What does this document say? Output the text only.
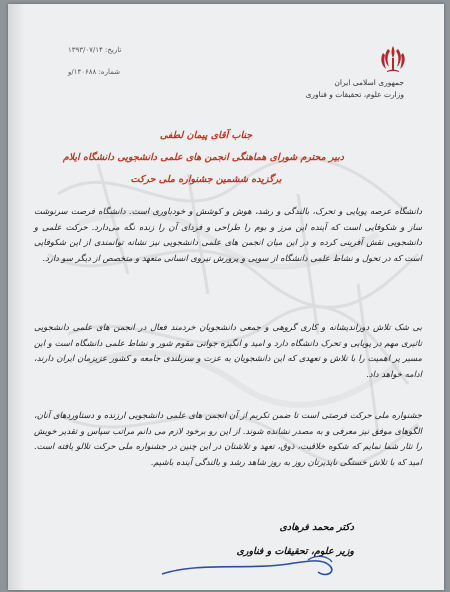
جمهوری اسلامی ایران
وزارت علوم، تحقیقات و فناوری
تاریخ: ۱۳۹۳/۰۷/۱۴
شماره: ۱۴۰۶۸۸/و
جناب آقای پیمان لطفی
دبیر محترم شورای هماهنگی انجمن های علمی دانشجویی دانشگاه ایلام
برگزیده ششمین جشنواره ملی حرکت
دانشگاه عرصه پویایی و تحرک، بالندگی و رشد، هوش و کوشش و خودباوری است. دانشگاه فرصت سرنوشت ساز و شکوفایی است که آینده این مرز و بوم را طراحی و فردای آن را زنده نگه می‌دارد. حرکت علمی و دانشجویی نقش آفرینی کرده و در این میان انجمن های علمی دانشجویی نیز نشانه توانمندی از این شکوفایی است که در تحول و نشاط علمی دانشگاه از سویی و پرورش نیروی انسانی متعهد و متخصص از دیگر سو دارد.
بی شک تلاش دوراندیشانه و کاری گروهی و جمعی دانشجویان خردمند فعال در انجمن های علمی دانشجویی تاثیری مهم در پویایی و تحرک دانشگاه دارد و امید و انگیزه جوانی مقوم شور و نشاط علمی دانشگاه است و این مسیر پر اهمیت را با تلاش و تعهدی که این دانشجویان به عزت و سربلندی جامعه و کشور عزیزمان ایران دارند، ادامه خواهد داد.
جشنواره ملی حرکت فرصتی است تا ضمن تکریم از آن انجمن های علمی دانشجویی ارزنده و دستاوردهای آنان، الگوهای موفق نیز معرفی و به مصدر نشانده شوند. از این رو برخود لازم می دانم مراتب سپاس و تقدیر خویش را نثار شما نمایم که شکوه خلاقیت، ذوق، تعهد و تلاشتان در این چنین در جشنواره ملی حرکت تلالو یافته است. امید که با تلاش خستگی ناپذیرتان روز به روز شاهد رشد و بالندگی آینده باشیم.
دکتر محمد فرهادی
وزیر علوم، تحقیقات و فناوری
